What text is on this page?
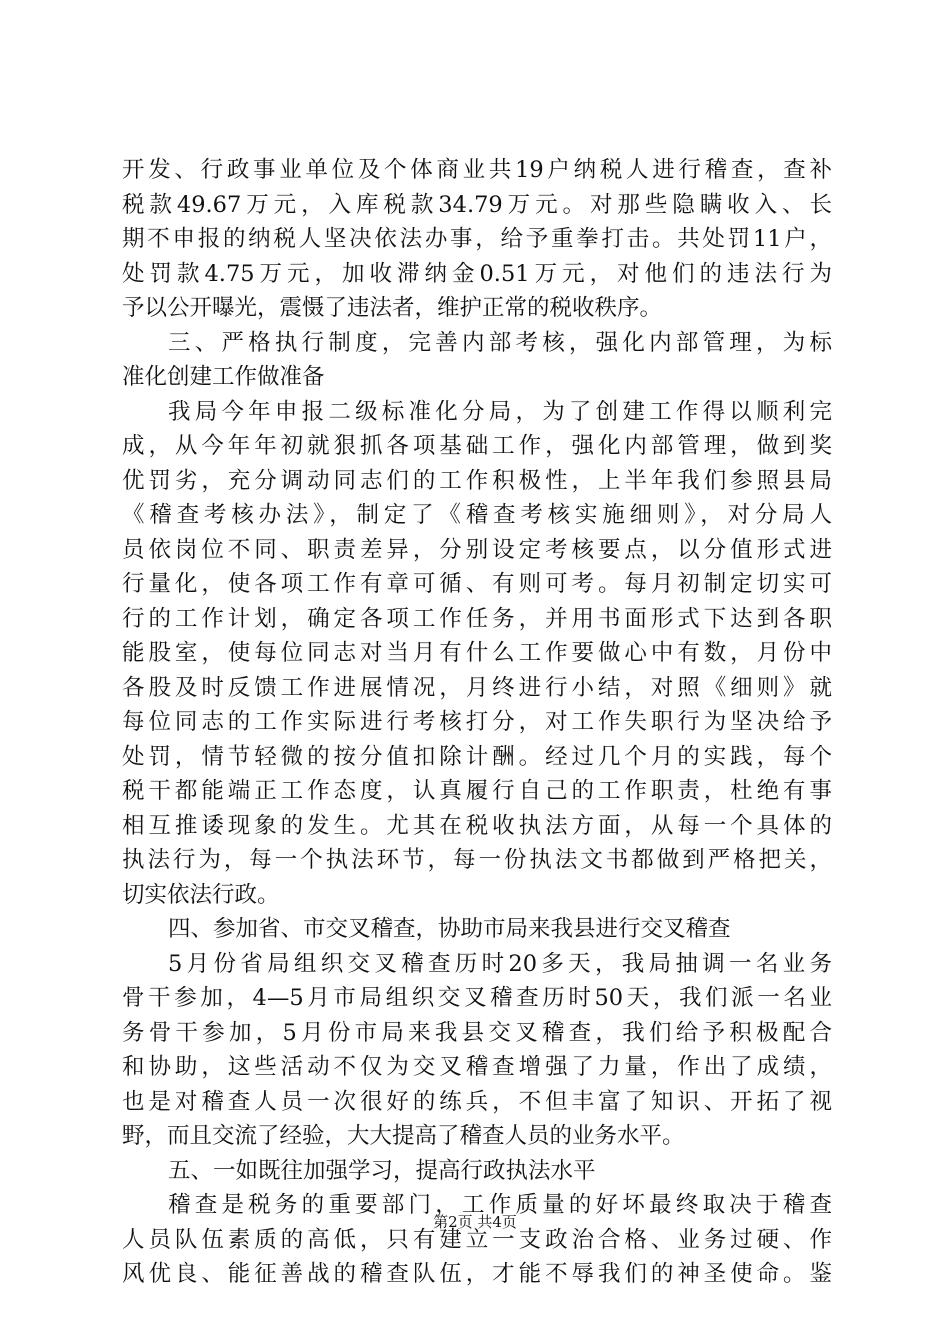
开发、行政事业单位及个体商业共19户纳税人进行稽查，查补
税款49.67万元，入库税款34.79万元。对那些隐瞒收入、长
期不申报的纳税人坚决依法办事，给予重拳打击。共处罚11户，
处罚款4.75万元，加收滞纳金0.51万元，对他们的违法行为
予以公开曝光，震慑了违法者，维护正常的税收秩序。
三、严格执行制度，完善内部考核，强化内部管理，为标
准化创建工作做准备
我局今年申报二级标准化分局，为了创建工作得以顺利完
成，从今年年初就狠抓各项基础工作，强化内部管理，做到奖
优罚劣，充分调动同志们的工作积极性，上半年我们参照县局
《稽查考核办法》，制定了《稽查考核实施细则》，对分局人
员依岗位不同、职责差异，分别设定考核要点，以分值形式进
行量化，使各项工作有章可循、有则可考。每月初制定切实可
行的工作计划，确定各项工作任务，并用书面形式下达到各职
能股室，使每位同志对当月有什么工作要做心中有数，月份中
各股及时反馈工作进展情况，月终进行小结，对照《细则》就
每位同志的工作实际进行考核打分，对工作失职行为坚决给予
处罚，情节轻微的按分值扣除计酬。经过几个月的实践，每个
税干都能端正工作态度，认真履行自己的工作职责，杜绝有事
相互推诿现象的发生。尤其在税收执法方面，从每一个具体的
执法行为，每一个执法环节，每一份执法文书都做到严格把关，
切实依法行政。
四、参加省、市交叉稽查，协助市局来我县进行交叉稽查
5月份省局组织交叉稽查历时20多天，我局抽调一名业务
骨干参加，4—5月市局组织交叉稽查历时50天，我们派一名业
务骨干参加，5月份市局来我县交叉稽查，我们给予积极配合
和协助，这些活动不仅为交叉稽查增强了力量，作出了成绩，
也是对稽查人员一次很好的练兵，不但丰富了知识、开拓了视
野，而且交流了经验，大大提高了稽查人员的业务水平。
五、一如既往加强学习，提高行政执法水平
稽查是税务的重要部门，工作质量的好坏最终取决于稽查
人员队伍素质的高低，只有建立一支政治合格、业务过硬、作
风优良、能征善战的稽查队伍，才能不辱我们的神圣使命。鉴
第2页 共4页
